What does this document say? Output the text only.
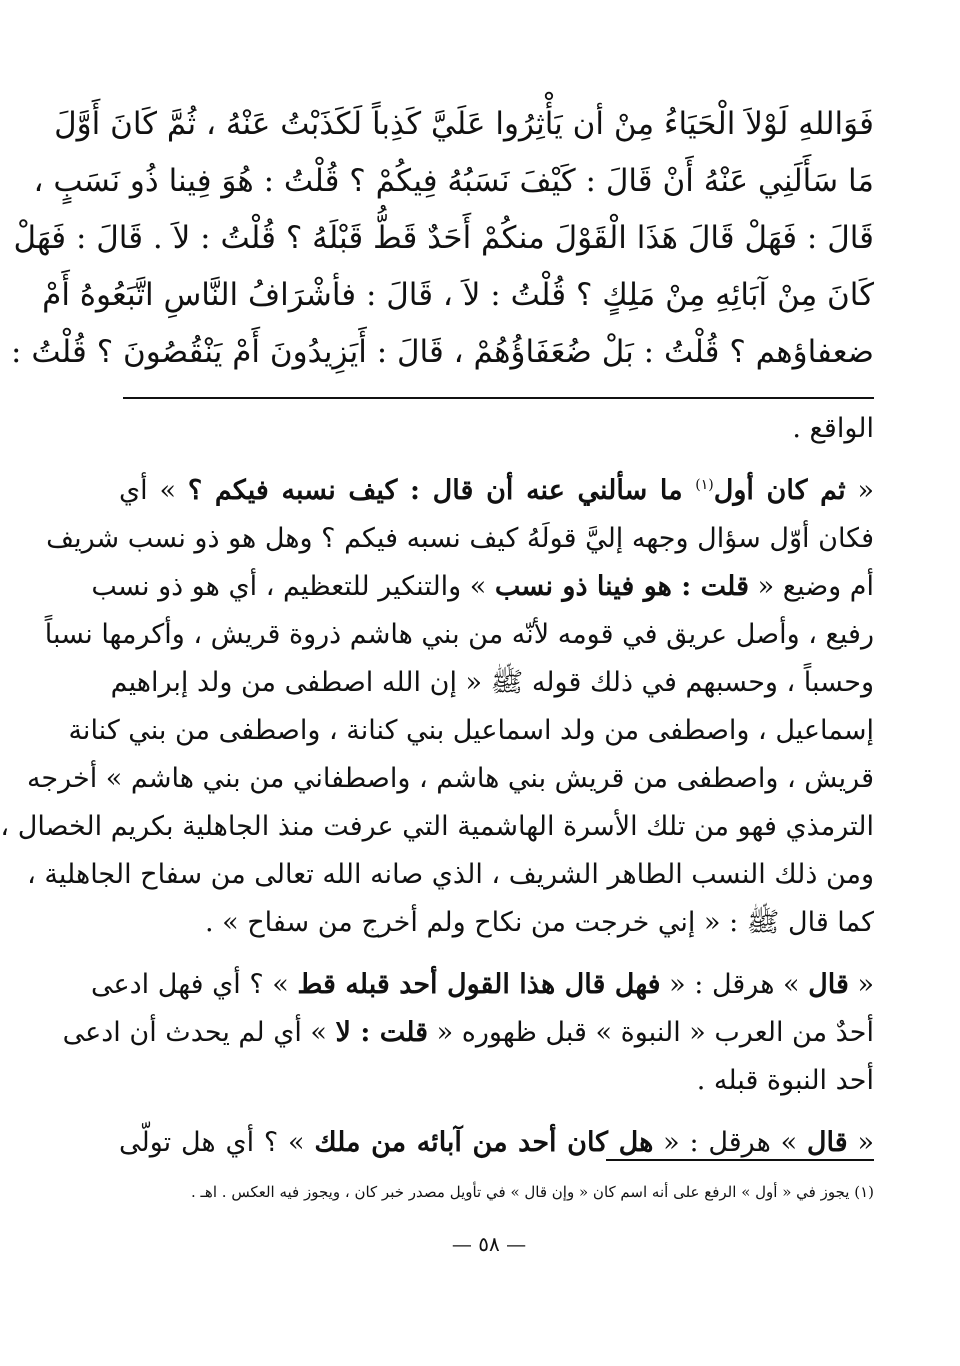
فَوَاللهِ لَوْلاَ الْحَيَاءُ مِنْ أن يَأْثِرُوا عَلَيَّ كَذِباً لَكَذَبْتُ عَنْهُ ، ثُمَّ كَانَ أَوَّلَ
مَا سَأَلَنِي عَنْهُ أَنْ قَالَ : كَيْفَ نَسَبُهُ فِيكُمْ ؟ قُلْتُ : هُوَ فِينا ذُو نَسَبٍ ،
قَالَ : فَهَلْ قَالَ هَذَا الْقَوْلَ منكُمْ أَحَدٌ قَطُّ قَبْلَهُ ؟ قُلْتُ : لاَ . قَالَ : فَهَلْ
كَانَ مِنْ آبَائِهِ مِنْ مَلِكٍ ؟ قُلْتُ : لاَ ، قَالَ : فأشْرَافُ النَّاسِ اتَّبَعُوهُ أَمْ
ضعفاؤهم ؟ قُلْتُ : بَلْ ضُعَفَاؤُهُمْ ، قَالَ : أَيَزِيدُونَ أَمْ يَنْقُصُونَ ؟ قُلْتُ :
الواقع .
« ثم كان أول$^{(١)}$ ما سألني عنه أن قال : كيف نسبه فيكم ؟ » أي
فكان أوّل سؤال وجهه إليَّ قولَهُ كيف نسبه فيكم ؟ وهل هو ذو نسب شريف
أم وضيع « قلت : هو فينا ذو نسب » والتنكير للتعظيم ، أي هو ذو نسب
رفيع ، وأصل عريق في قومه لأنّه من بني هاشم ذروة قريش ، وأكرمها نسباً
وحسباً ، وحسبهم في ذلك قوله ﷺ « إن الله اصطفى من ولد إبراهيم
إسماعيل ، واصطفى من ولد اسماعيل بني كنانة ، واصطفى من بني كنانة
قريش ، واصطفى من قريش بني هاشم ، واصطفاني من بني هاشم » أخرجه
الترمذي فهو من تلك الأسرة الهاشمية التي عرفت منذ الجاهلية بكريم الخصال ،
ومن ذلك النسب الطاهر الشريف ، الذي صانه الله تعالى من سفاح الجاهلية ،
كما قال ﷺ : « إني خرجت من نكاح ولم أخرج من سفاح » .
« قال » هرقل : « فهل قال هذا القول أحد قبله قط » ؟ أي فهل ادعى
أحدٌ من العرب « النبوة » قبل ظهوره « قلت : لا » أي لم يحدث أن ادعى
أحد النبوة قبله .
« قال » هرقل : « هل كان أحد من آبائه من ملك » ؟ أي هل تولّى
(١) يجوز في « أول » الرفع على أنه اسم كان « وإن قال » في تأويل مصدر خبر كان ، ويجوز فيه العكس . اهـ .
— ٥٨ —
